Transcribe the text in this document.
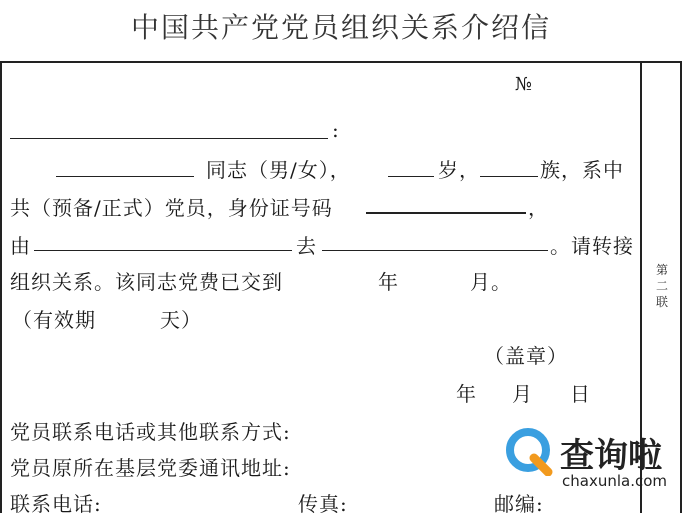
中国共产党党员组织关系介绍信
№
第二联
:
同志（男/女），	岁，	族，系中
共（预备/正式）党员，身份证号码	，
由	去	。请转接
组织关系。该同志党费已交到	年	月。
（有效期	天）
（盖章）
年 月 日
党员联系电话或其他联系方式:
党员原所在基层党委通讯地址:
联系电话:	传真:	邮编:
查询啦
chaxunla.com
